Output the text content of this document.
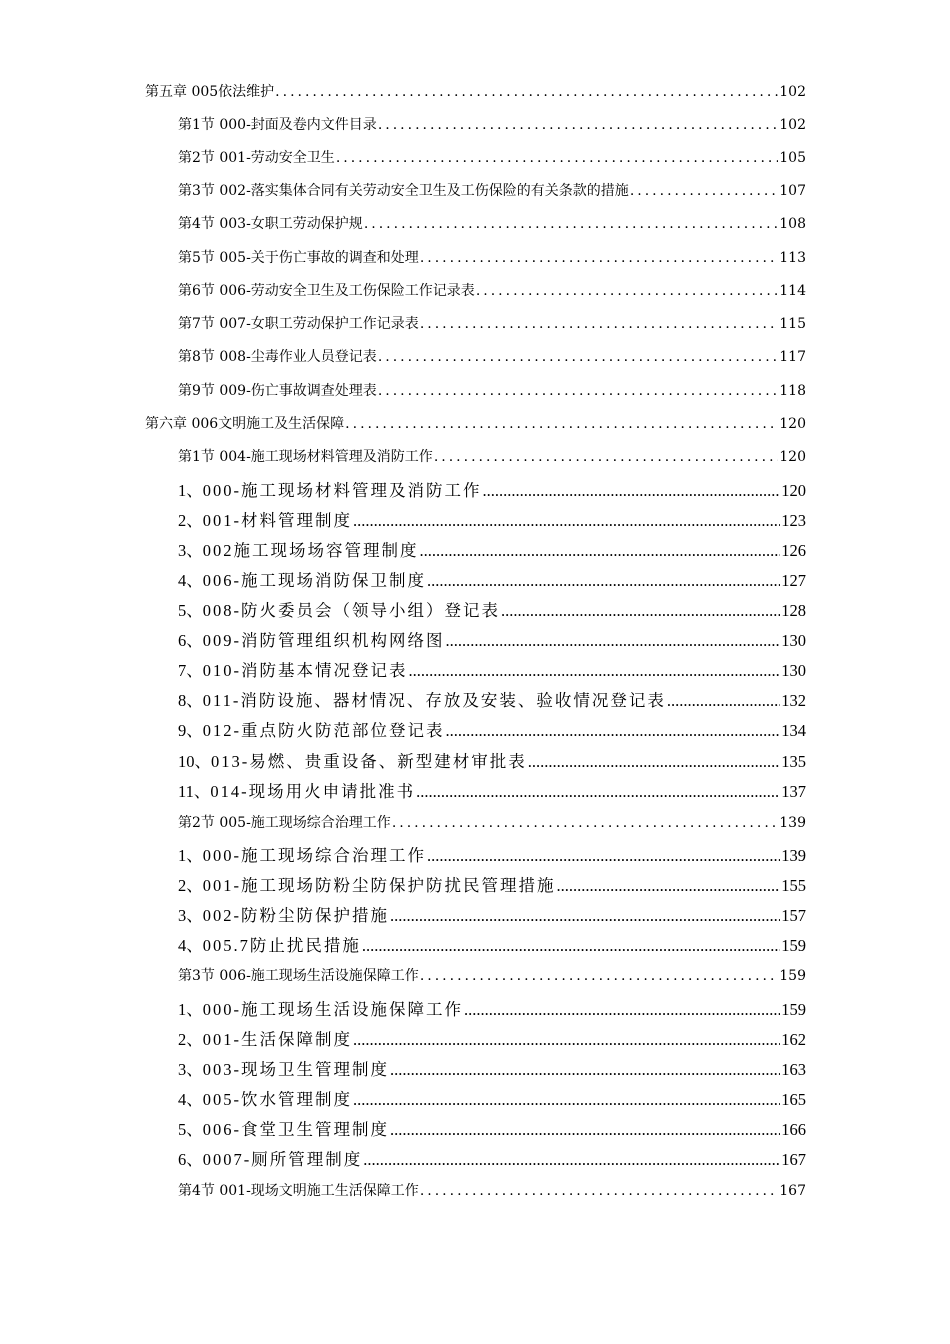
第五章 005依法维护 .....	102
第1节 000-封面及卷内文件目录 .....	102
第2节 001-劳动安全卫生 .....	105
第3节 002-落实集体合同有关劳动安全卫生及工伤保险的有关条款的措施 .....	107
第4节 003-女职工劳动保护规 .....	108
第5节 005-关于伤亡事故的调查和处理 .....	113
第6节 006-劳动安全卫生及工伤保险工作记录表 .....	114
第7节 007-女职工劳动保护工作记录表 .....	115
第8节 008-尘毒作业人员登记表 .....	117
第9节 009-伤亡事故调查处理表 .....	118
第六章 006文明施工及生活保障 .....	120
第1节 004-施工现场材料管理及消防工作 .....	120
1、 000-施工现场材料管理及消防工作 .....	120
2、 001-材料管理制度 .....	123
3、 002施工现场场容管理制度 .....	126
4、 006-施工现场消防保卫制度 .....	127
5、 008-防火委员会（领导小组）登记表 .....	128
6、 009-消防管理组织机构网络图 .....	130
7、 010-消防基本情况登记表 .....	130
8、 011-消防设施、器材情况、存放及安装、验收情况登记表 .....	132
9、 012-重点防火防范部位登记表 .....	134
10、 013-易燃、贵重设备、新型建材审批表 .....	135
11、 014-现场用火申请批准书 .....	137
第2节 005-施工现场综合治理工作 .....	139
1、 000-施工现场综合治理工作 .....	139
2、 001-施工现场防粉尘防保护防扰民管理措施 .....	155
3、 002-防粉尘防保护措施 .....	157
4、 005.7防止扰民措施 .....	159
第3节 006-施工现场生活设施保障工作 .....	159
1、 000-施工现场生活设施保障工作 .....	159
2、 001-生活保障制度 .....	162
3、 003-现场卫生管理制度 .....	163
4、 005-饮水管理制度 .....	165
5、 006-食堂卫生管理制度 .....	166
6、 0007-厕所管理制度 .....	167
第4节 001-现场文明施工生活保障工作 .....	167
